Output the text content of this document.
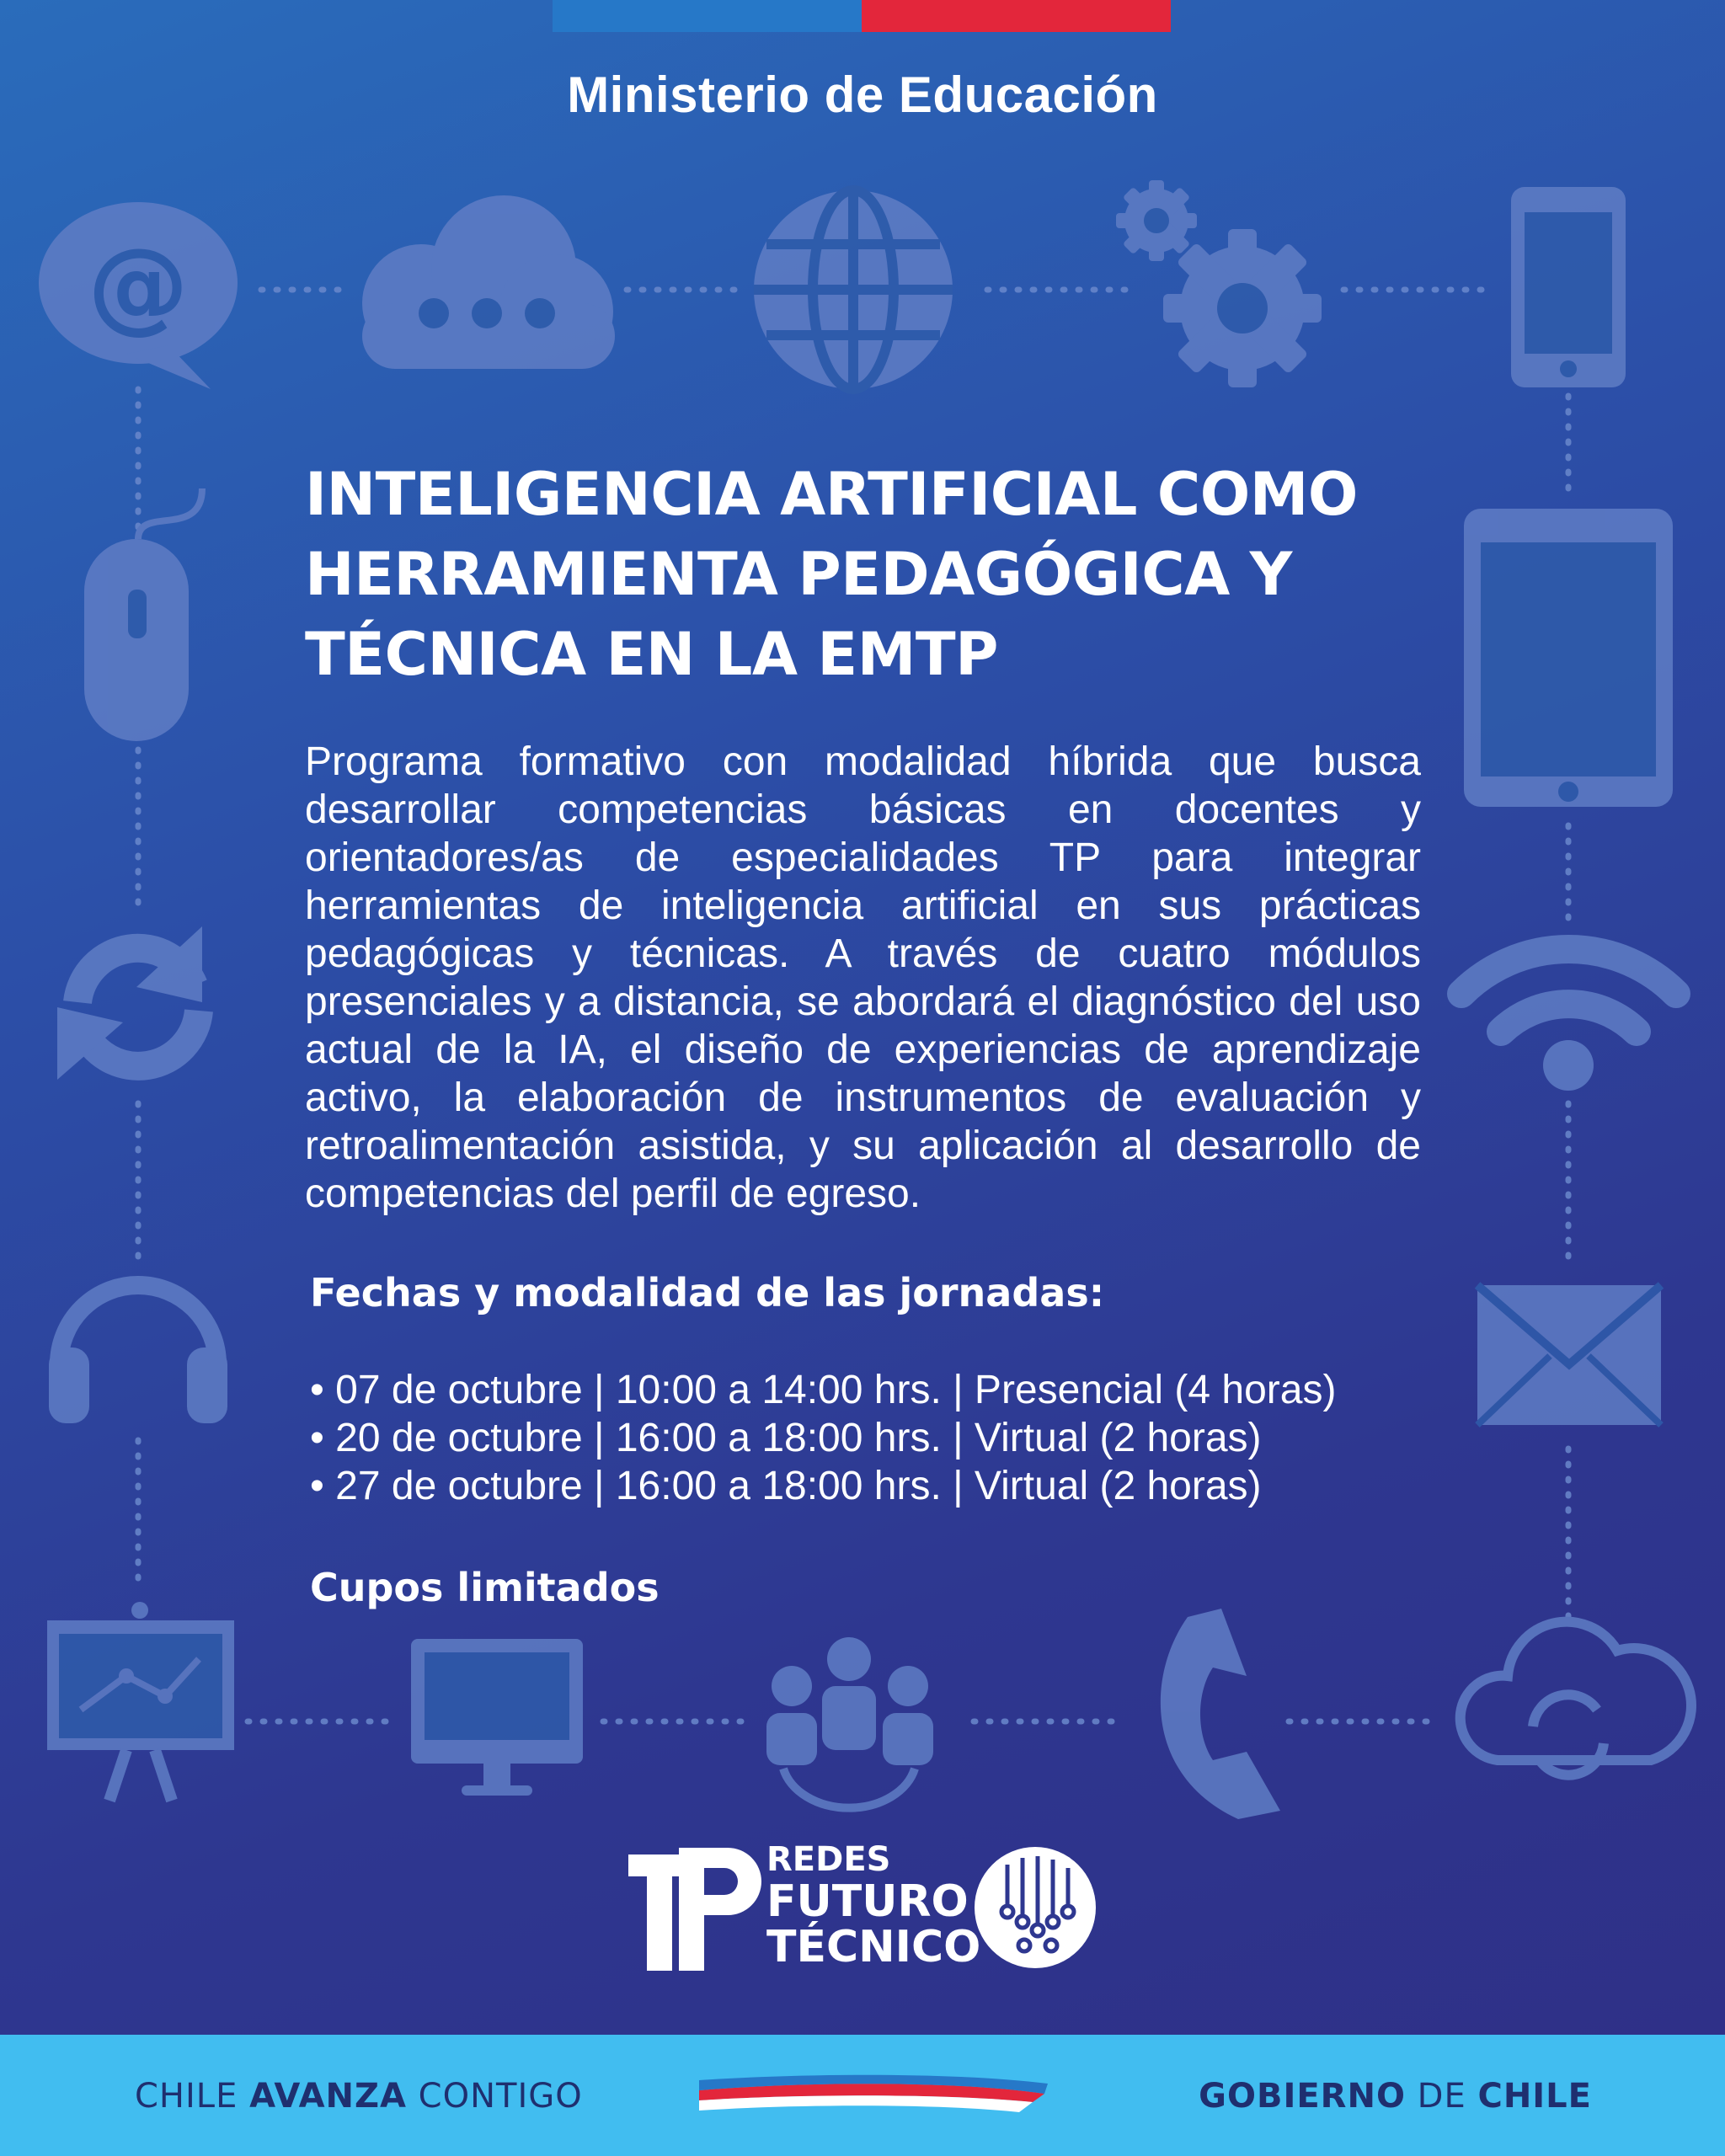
Ministerio de Educación
@
INTELIGENCIA ARTIFICIAL COMO
HERRAMIENTA PEDAGÓGICA Y
TÉCNICA EN LA EMTP
Programa formativo con modalidad híbrida que busca desarrollar competencias básicas en docentes y orientadores/as de especialidades TP para integrar herramientas de inteligencia artificial en sus prácticas pedagógicas y técnicas. A través de cuatro módulos presenciales y a distancia, se abordará el diagnóstico del uso actual de la IA, el diseño de experiencias de aprendizaje activo, la elaboración de instrumentos de evaluación y retroalimentación asistida, y su aplicación al desarrollo de competencias del perfil de egreso.
Fechas y modalidad de las jornadas:
• 07 de octubre | 10:00 a 14:00 hrs. | Presencial (4 horas)
• 20 de octubre | 16:00 a 18:00 hrs. | Virtual (2 horas)
• 27 de octubre | 16:00 a 18:00 hrs. | Virtual (2 horas)
Cupos limitados
REDES
FUTURO
TÉCNICO
CHILE AVANZA CONTIGO	GOBIERNO DE CHILE
